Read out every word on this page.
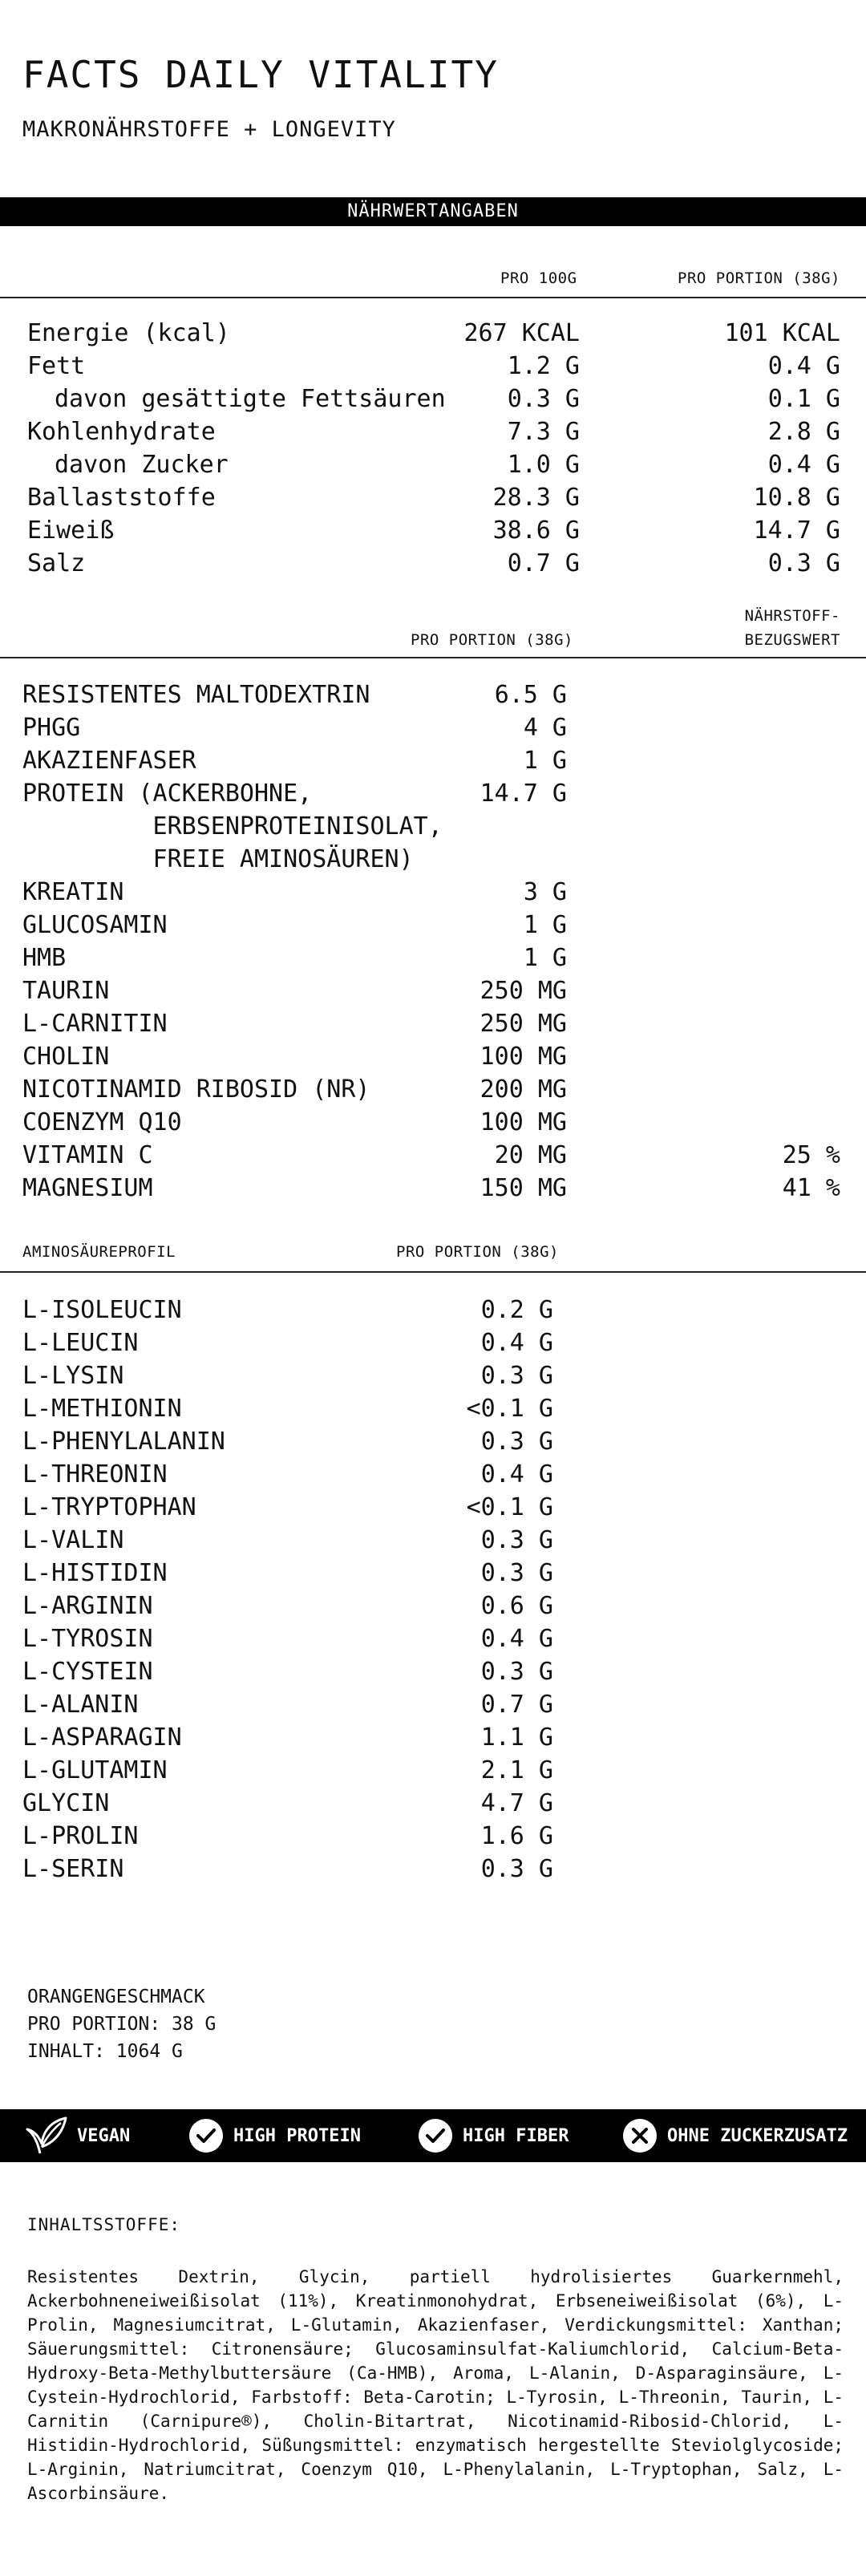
FACTS DAILY VITALITY
MAKRONÄHRSTOFFE + LONGEVITY
NÄHRWERTANGABEN
PRO 100G	PRO PORTION (38G)
Energie (kcal)	267 KCAL	101 KCAL
Fett	1.2 G	0.4 G
davon gesättigte Fettsäuren	0.3 G	0.1 G
Kohlenhydrate	7.3 G	2.8 G
davon Zucker	1.0 G	0.4 G
Ballaststoffe	28.3 G	10.8 G
Eiweiß	38.6 G	14.7 G
Salz	0.7 G	0.3 G
PRO PORTION (38G)
NÄHRSTOFF-
BEZUGSWERT
RESISTENTES MALTODEXTRIN	6.5 G
PHGG	4 G
AKAZIENFASER	1 G
PROTEIN (ACKERBOHNE,	14.7 G
ERBSENPROTEINISOLAT,
FREIE AMINOSÄUREN)
KREATIN	3 G
GLUCOSAMIN	1 G
HMB	1 G
TAURIN	250 MG
L-CARNITIN	250 MG
CHOLIN	100 MG
NICOTINAMID RIBOSID (NR)	200 MG
COENZYM Q10	100 MG
VITAMIN C	20 MG	25 %
MAGNESIUM	150 MG	41 %
AMINOSÄUREPROFIL	PRO PORTION (38G)
L-ISOLEUCIN	0.2 G
L-LEUCIN	0.4 G
L-LYSIN	0.3 G
L-METHIONIN	<0.1 G
L-PHENYLALANIN	0.3 G
L-THREONIN	0.4 G
L-TRYPTOPHAN	<0.1 G
L-VALIN	0.3 G
L-HISTIDIN	0.3 G
L-ARGININ	0.6 G
L-TYROSIN	0.4 G
L-CYSTEIN	0.3 G
L-ALANIN	0.7 G
L-ASPARAGIN	1.1 G
L-GLUTAMIN	2.1 G
GLYCIN	4.7 G
L-PROLIN	1.6 G
L-SERIN	0.3 G
ORANGENGESCHMACK
PRO PORTION: 38 G
INHALT: 1064 G
VEGAN	HIGH PROTEIN	HIGH FIBER	OHNE ZUCKERZUSATZ
INHALTSSTOFFE:

Resistentes Dextrin, Glycin, partiell hydrolisiertes Guarkernmehl, Ackerbohneneiweißisolat (11%), Kreatinmonohydrat, Erbseneiweißisolat (6%), L-Prolin, Magnesiumcitrat, L-Glutamin, Akazienfaser, Verdickungsmittel: Xanthan; Säuerungsmittel: Citronensäure; Glucosaminsulfat-Kaliumchlorid, Calcium-Beta-Hydroxy-Beta-Methylbuttersäure (Ca-HMB), Aroma, L-Alanin, D-Asparaginsäure, L-Cystein-Hydrochlorid, Farbstoff: Beta-Carotin; L-Tyrosin, L-Threonin, Taurin, L-Carnitin (Carnipure®), Cholin-Bitartrat, Nicotinamid-Ribosid-Chlorid, L-Histidin-Hydrochlorid, Süßungsmittel: enzymatisch hergestellte Steviolglycoside; L-Arginin, Natriumcitrat, Coenzym Q10, L-Phenylalanin, L-Tryptophan, Salz, L-Ascorbinsäure.
